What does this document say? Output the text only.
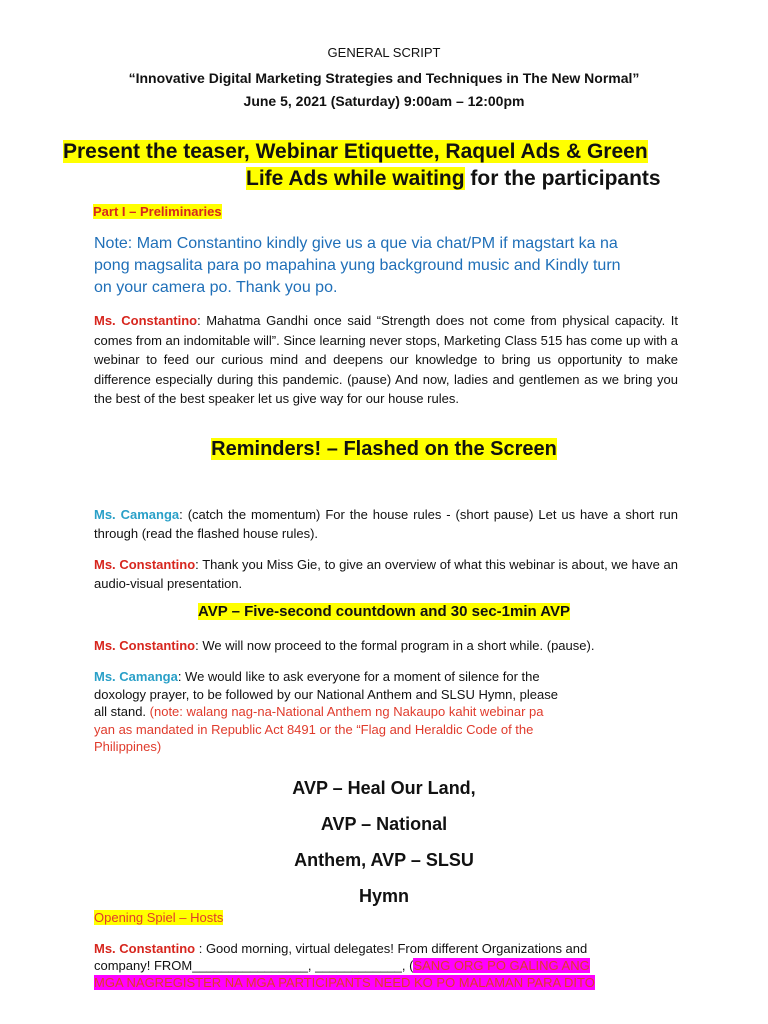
GENERAL SCRIPT
“Innovative Digital Marketing Strategies and Techniques in The New Normal”
June 5, 2021 (Saturday) 9:00am – 12:00pm
Present the teaser, Webinar Etiquette, Raquel Ads & Green
Life Ads while waiting for the participants
Part I – Preliminaries
Note: Mam Constantino kindly give us a que via chat/PM if magstart ka na
pong magsalita para po mapahina yung background music and Kindly turn
on your camera po. Thank you po.

Ms. Constantino: Mahatma Gandhi once said “Strength does not come from physical capacity. It comes from an indomitable will”. Since learning never stops, Marketing Class 515 has come up with a webinar to feed our curious mind and deepens our knowledge to bring us opportunity to make difference especially during this pandemic. (pause) And now, ladies and gentlemen as we bring you the best of the best speaker let us give way for our house rules.

Reminders! – Flashed on the Screen

Ms. Camanga: (catch the momentum) For the house rules - (short pause) Let us have a short run through (read the flashed house rules).

Ms. Constantino: Thank you Miss Gie, to give an overview of what this webinar is about, we have an audio-visual presentation.

AVP – Five-second countdown and 30 sec-1min AVP

Ms. Constantino: We will now proceed to the formal program in a short while. (pause).

Ms. Camanga: We would like to ask everyone for a moment of silence for the
doxology prayer, to be followed by our National Anthem and SLSU Hymn, please
all stand. (note: walang nag-na-National Anthem ng Nakaupo kahit webinar pa
yan as mandated in Republic Act 8491 or the “Flag and Heraldic Code of the
Philippines)
AVP – Heal Our Land,
AVP – National
Anthem, AVP – SLSU
Hymn
Opening Spiel – Hosts
Ms. Constantino : Good morning, virtual delegates! From different Organizations and
company! FROM________________, ____________, (SANG ORG PO GALING ANG
MGA NAGREGISTER NA MGA PARTICIPANTS NEED KO PO MALAMAN PARA DITO
